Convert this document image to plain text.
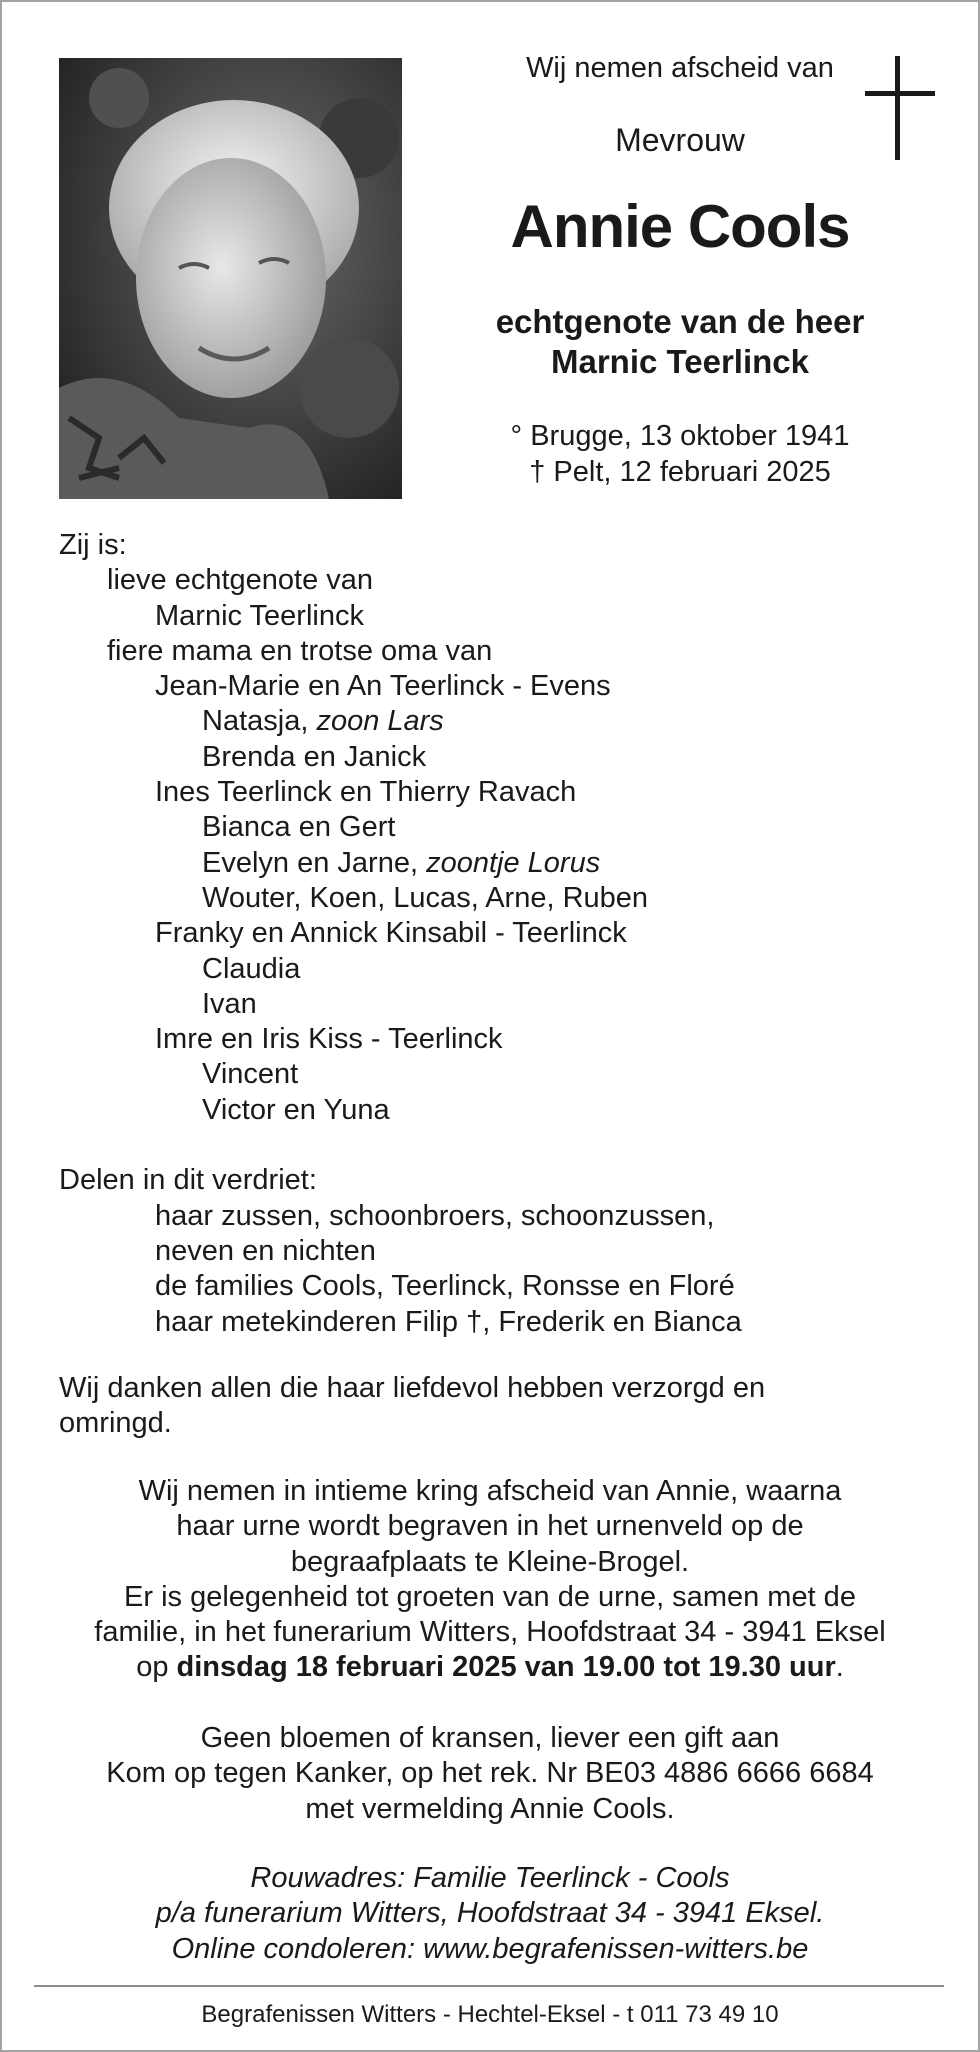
Wij nemen afscheid van
Mevrouw
Annie Cools
echtgenote van de heer
Marnic Teerlinck
° Brugge, 13 oktober 1941
† Pelt, 12 februari 2025
Zij is:
lieve echtgenote van
Marnic Teerlinck
fiere mama en trotse oma van
Jean-Marie en An Teerlinck - Evens
Natasja, zoon Lars
Brenda en Janick
Ines Teerlinck en Thierry Ravach
Bianca en Gert
Evelyn en Jarne, zoontje Lorus
Wouter, Koen, Lucas, Arne, Ruben
Franky en Annick Kinsabil - Teerlinck
Claudia
Ivan
Imre en Iris Kiss - Teerlinck
Vincent
Victor en Yuna
Delen in dit verdriet:
haar zussen, schoonbroers, schoonzussen,
neven en nichten
de families Cools, Teerlinck, Ronsse en Floré
haar metekinderen Filip †, Frederik en Bianca
Wij danken allen die haar liefdevol hebben verzorgd en
omringd.
Wij nemen in intieme kring afscheid van Annie, waarna
haar urne wordt begraven in het urnenveld op de
begraafplaats te Kleine-Brogel.
Er is gelegenheid tot groeten van de urne, samen met de
familie, in het funerarium Witters, Hoofdstraat 34 - 3941 Eksel
op dinsdag 18 februari 2025 van 19.00 tot 19.30 uur.
Geen bloemen of kransen, liever een gift aan
Kom op tegen Kanker, op het rek. Nr BE03 4886 6666 6684
met vermelding Annie Cools.
Rouwadres: Familie Teerlinck - Cools
p/a funerarium Witters, Hoofdstraat 34 - 3941 Eksel.
Online condoleren: www.begrafenissen-witters.be
Begrafenissen Witters - Hechtel-Eksel - t 011 73 49 10
